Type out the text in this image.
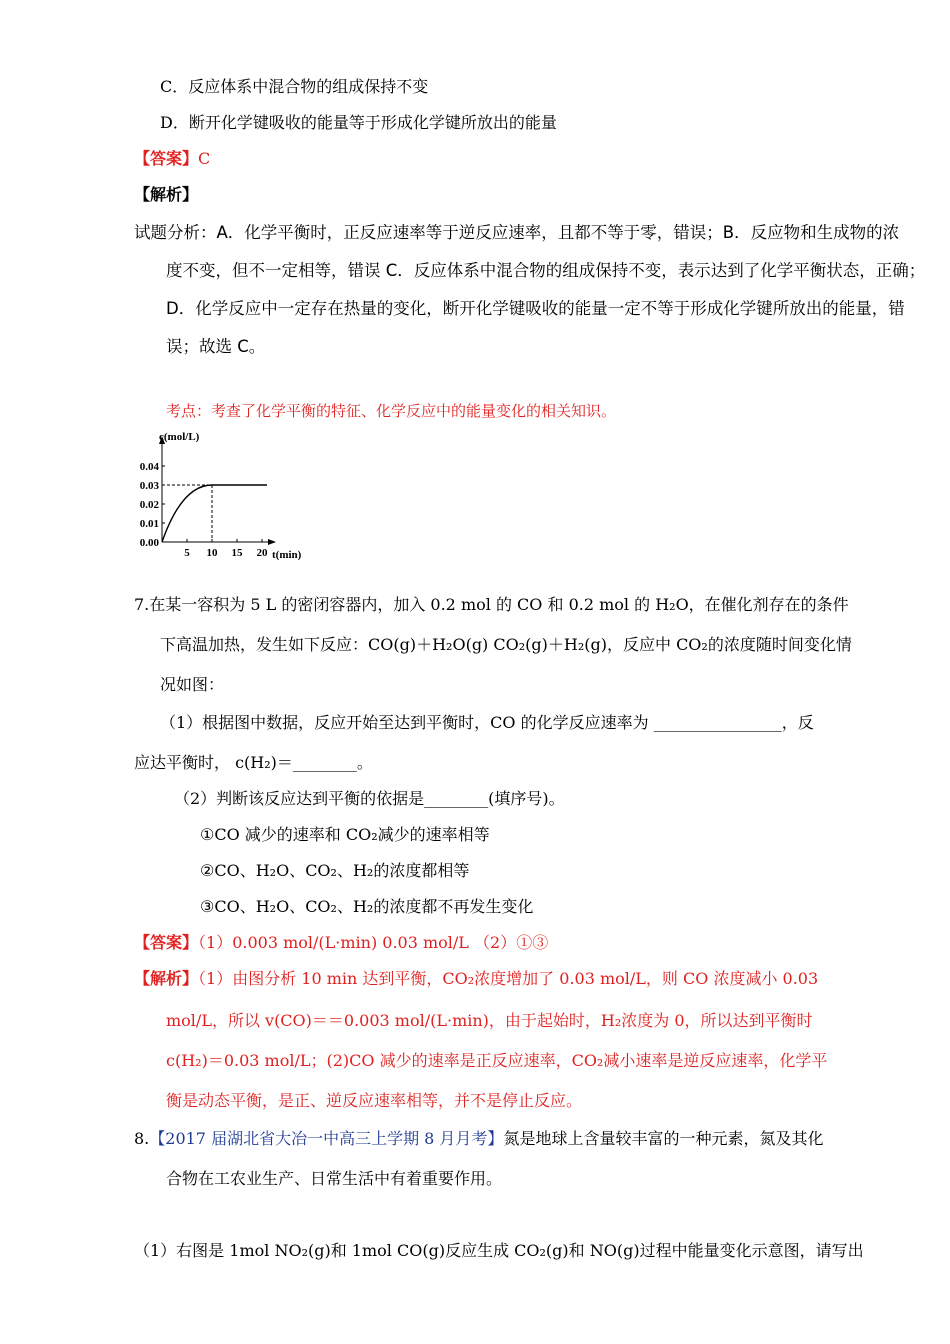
C．反应体系中混合物的组成保持不变
D．断开化学键吸收的能量等于形成化学键所放出的能量
【答案】C
【解析】
试题分析：A．化学平衡时，正反应速率等于逆反应速率，且都不等于零，错误；B．反应物和生成物的浓
度不变，但不一定相等，错误 C．反应体系中混合物的组成保持不变，表示达到了化学平衡状态，正确；
D．化学反应中一定存在热量的变化，断开化学键吸收的能量一定不等于形成化学键所放出的能量，错
误；故选 C。
考点：考查了化学平衡的特征、化学反应中的能量变化的相关知识。
0.04
0.03
0.02
0.01
0.00
5 10 15 20
c(mol/L)
t(min)
7.在某一容积为 5 L 的密闭容器内，加入 0.2 mol 的 CO 和 0.2 mol 的 H₂O，在催化剂存在的条件
下高温加热，发生如下反应：CO(g)＋H₂O(g) CO₂(g)＋H₂(g)，反应中 CO₂的浓度随时间变化情
况如图：
（1）根据图中数据，反应开始至达到平衡时，CO 的化学反应速率为 ________________，反
应达平衡时， c(H₂)＝________。
（2）判断该反应达到平衡的依据是________(填序号)。
①CO 减少的速率和 CO₂减少的速率相等
②CO、H₂O、CO₂、H₂的浓度都相等
③CO、H₂O、CO₂、H₂的浓度都不再发生变化
【答案】（1）0.003 mol/(L·min) 0.03 mol/L （2）①③
【解析】（1）由图分析 10 min 达到平衡，CO₂浓度增加了 0.03 mol/L，则 CO 浓度减小 0.03
mol/L，所以 v(CO)＝＝0.003 mol/(L·min)，由于起始时，H₂浓度为 0，所以达到平衡时
c(H₂)＝0.03 mol/L；(2)CO 减少的速率是正反应速率，CO₂减小速率是逆反应速率，化学平
衡是动态平衡，是正、逆反应速率相等，并不是停止反应。
8.【2017 届湖北省大冶一中高三上学期 8 月月考】氮是地球上含量较丰富的一种元素，氮及其化
合物在工农业生产、日常生活中有着重要作用。
（1）右图是 1mol NO₂(g)和 1mol CO(g)反应生成 CO₂(g)和 NO(g)过程中能量变化示意图，请写出
